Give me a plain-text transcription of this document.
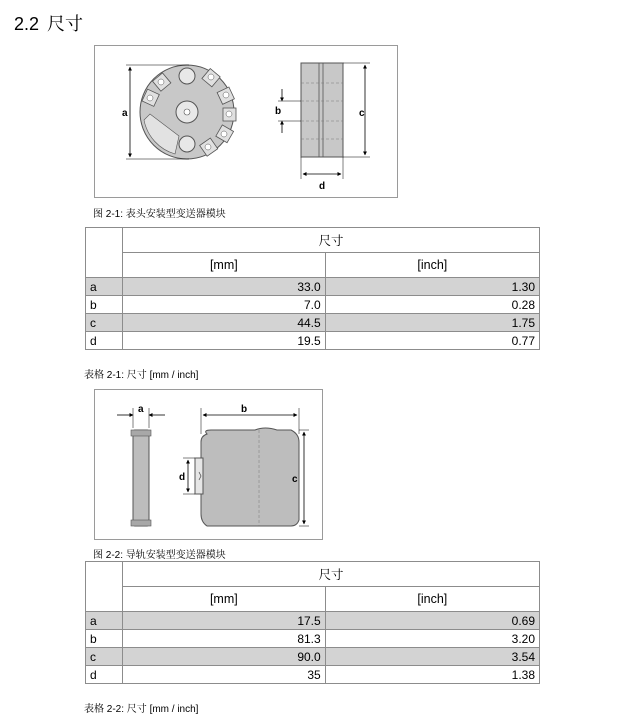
2.2 尺寸
a	b	c
d
图 2-1: 表头安装型变送器模块
	尺寸	
	[mm]	[inch]
a	33.0	1.30
b	7.0	0.28
c	44.5	1.75
d	19.5	0.77
表格 2-1: 尺寸 [mm / inch]
a	b
c
d
图 2-2: 导轨安装型变送器模块
	尺寸	
	[mm]	[inch]
a	17.5	0.69
b	81.3	3.20
c	90.0	3.54
d	35	1.38
表格 2-2: 尺寸 [mm / inch]
